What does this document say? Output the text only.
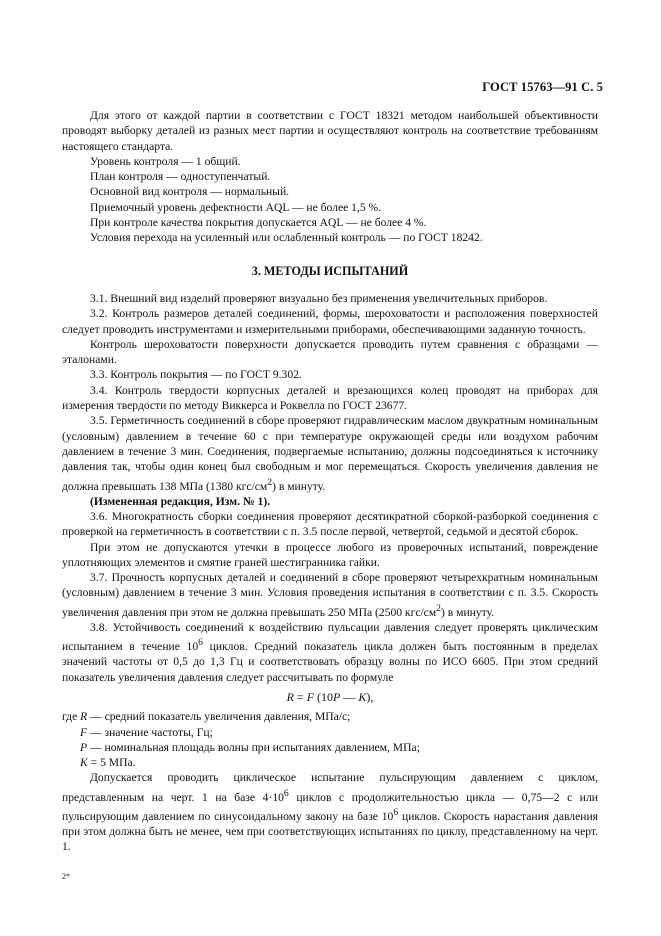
ГОСТ 15763—91 С. 5

Для этого от каждой партии в соответствии с ГОСТ 18321 методом наибольшей объективности проводят выборку деталей из разных мест партии и осуществляют контроль на соответствие требованиям настоящего стандарта.

Уровень контроля — 1 общий.

План контроля — одноступенчатый.

Основной вид контроля — нормальный.

Приемочный уровень дефектности AQL — не более 1,5 %.

При контроле качества покрытия допускается AQL — не более 4 %.

Условия перехода на усиленный или ослабленный контроль — по ГОСТ 18242.

3. МЕТОДЫ ИСПЫТАНИЙ

3.1. Внешний вид изделий проверяют визуально без применения увеличительных приборов.

3.2. Контроль размеров деталей соединений, формы, шероховатости и расположения поверхностей следует проводить инструментами и измерительными приборами, обеспечивающими заданную точность.

Контроль шероховатости поверхности допускается проводить путем сравнения с образцами — эталонами.

3.3. Контроль покрытия — по ГОСТ 9.302.

3.4. Контроль твердости корпусных деталей и врезающихся колец проводят на приборах для измерения твердости по методу Виккерса и Роквелла по ГОСТ 23677.

3.5. Герметичность соединений в сборе проверяют гидравлическим маслом двукратным номинальным (условным) давлением в течение 60 с при температуре окружающей среды или воздухом рабочим давлением в течение 3 мин. Соединения, подвергаемые испытанию, должны подсоединяться к источнику давления так, чтобы один конец был свободным и мог перемещаться. Скорость увеличения давления не должна превышать 138 МПа (1380 кгс/$см^2$) в минуту.

(Измененная редакция, Изм. № 1).

3.6. Многократность сборки соединения проверяют десятикратной сборкой-разборкой соединения с проверкой на герметичность в соответствии с п. 3.5 после первой, четвертой, седьмой и десятой сборок.

При этом не допускаются утечки в процессе любого из проверочных испытаний, повреждение уплотняющих элементов и смятие граней шестигранника гайки.

3.7. Прочность корпусных деталей и соединений в сборе проверяют четырехкратным номинальным (условным) давлением в течение 3 мин. Условия проведения испытания в соответствии с п. 3.5. Скорость увеличения давления при этом не должна превышать 250 МПа (2500 кгс/$см^2$) в минуту.

3.8. Устойчивость соединений к воздействию пульсации давления следует проверять циклическим испытанием в течение $10^6$ циклов. Средний показатель цикла должен быть постоянным в пределах значений частоты от 0,5 до 1,3 Гц и соответствовать образцу волны по ИСО 6605. При этом средний показатель увеличения давления следует рассчитывать по формуле

R = F (10P — K),

где R — средний показатель увеличения давления, МПа/с;

F — значение частоты, Гц;

P — номинальная площадь волны при испытаниях давлением, МПа;

K = 5 МПа.

Допускается проводить циклическое испытание пульсирующим давлением с циклом, представленным на черт. 1 на базе $4\cdot 10^6$ циклов с продолжительностью цикла — 0,75—2 с или пульсирующим давлением по синусоидальному закону на базе $10^6$ циклов. Скорость нарастания давления при этом должна быть не менее, чем при соответствующих испытаниях по циклу, представленному на черт. 1.

2*
